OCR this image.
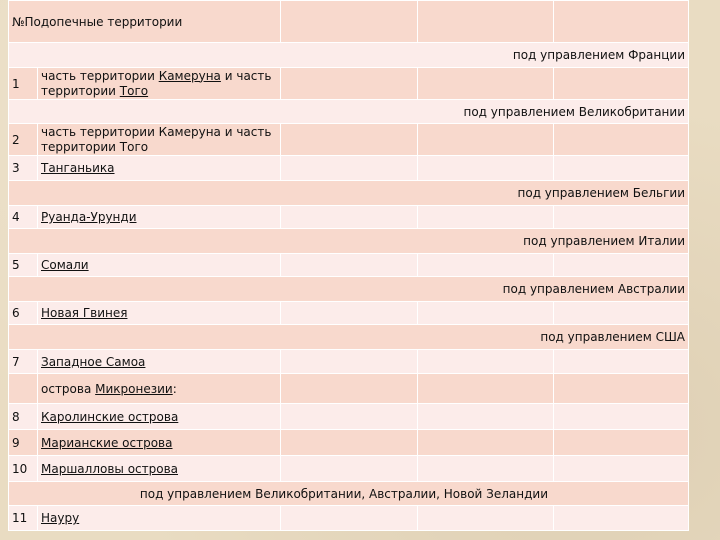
№Подопечные территории				
под управлением Франции				
1	часть территории Камеруна и часть территории Того			
под управлением Великобритании				
2	часть территории Камеруна и часть территории Того			
3	Танганьика			
под управлением Бельгии				
4	Руанда-Урунди			
под управлением Италии				
5	Сомали			
под управлением Австралии				
6	Новая Гвинея			
под управлением США				
7	Западное Самоа			
	острова Микронезии:			
8	Каролинские острова			
9	Марианские острова			
10	Маршалловы острова			
под управлением Великобритании, Австралии, Новой Зеландии				
11	Науру			
